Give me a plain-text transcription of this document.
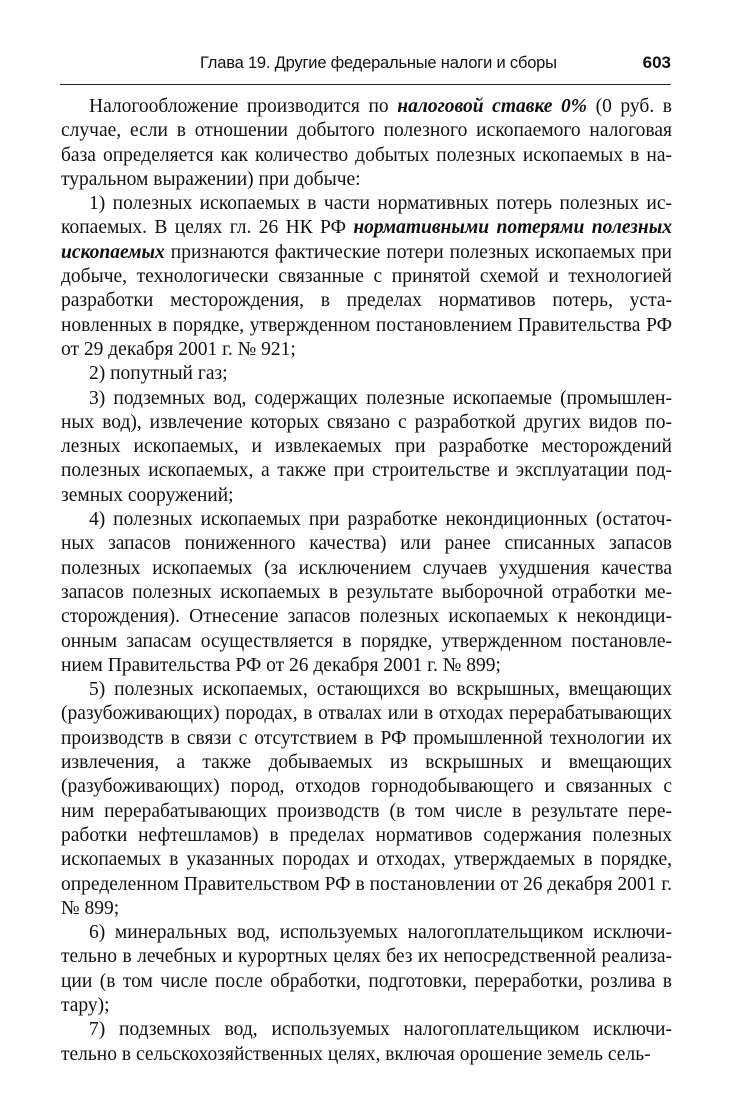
Глава 19. Другие федеральные налоги и сборы	603

Налогообложение производится по налоговой ставке 0% (0 руб. в случае, если в отношении добытого полезного ископаемого налоговая база определяется как количество добытых полезных ископаемых в натуральном выражении) при добыче:

1) полезных ископаемых в части нормативных потерь полезных ископаемых. В целях гл. 26 НК РФ нормативными потерями полезных ископаемых признаются фактические потери полезных ископаемых при добыче, технологически связанные с принятой схемой и технологией разработки месторождения, в пределах нормативов потерь, установленных в порядке, утвержденном постановлением Правительства РФ от 29 декабря 2001 г. № 921;

2) попутный газ;

3) подземных вод, содержащих полезные ископаемые (промышленных вод), извлечение которых связано с разработкой других видов полезных ископаемых, и извлекаемых при разработке месторождений полезных ископаемых, а также при строительстве и эксплуатации подземных сооружений;

4) полезных ископаемых при разработке некондиционных (остаточных запасов пониженного качества) или ранее списанных запасов полезных ископаемых (за исключением случаев ухудшения качества запасов полезных ископаемых в результате выборочной отработки месторождения). Отнесение запасов полезных ископаемых к некондиционным запасам осуществляется в порядке, утвержденном постановлением Правительства РФ от 26 декабря 2001 г. № 899;

5) полезных ископаемых, остающихся во вскрышных, вмещающих (разубоживающих) породах, в отвалах или в отходах перерабатывающих производств в связи с отсутствием в РФ промышленной технологии их извлечения, а также добываемых из вскрышных и вмещающих (разубоживающих) пород, отходов горнодобывающего и связанных с ним перерабатывающих производств (в том числе в результате переработки нефтешламов) в пределах нормативов содержания полезных ископаемых в указанных породах и отходах, утверждаемых в порядке, определенном Правительством РФ в постановлении от 26 декабря 2001 г. № 899;

6) минеральных вод, используемых налогоплательщиком исключительно в лечебных и курортных целях без их непосредственной реализации (в том числе после обработки, подготовки, переработки, розлива в тару);

7) подземных вод, используемых налогоплательщиком исключительно в сельскохозяйственных целях, включая орошение земель сель-
